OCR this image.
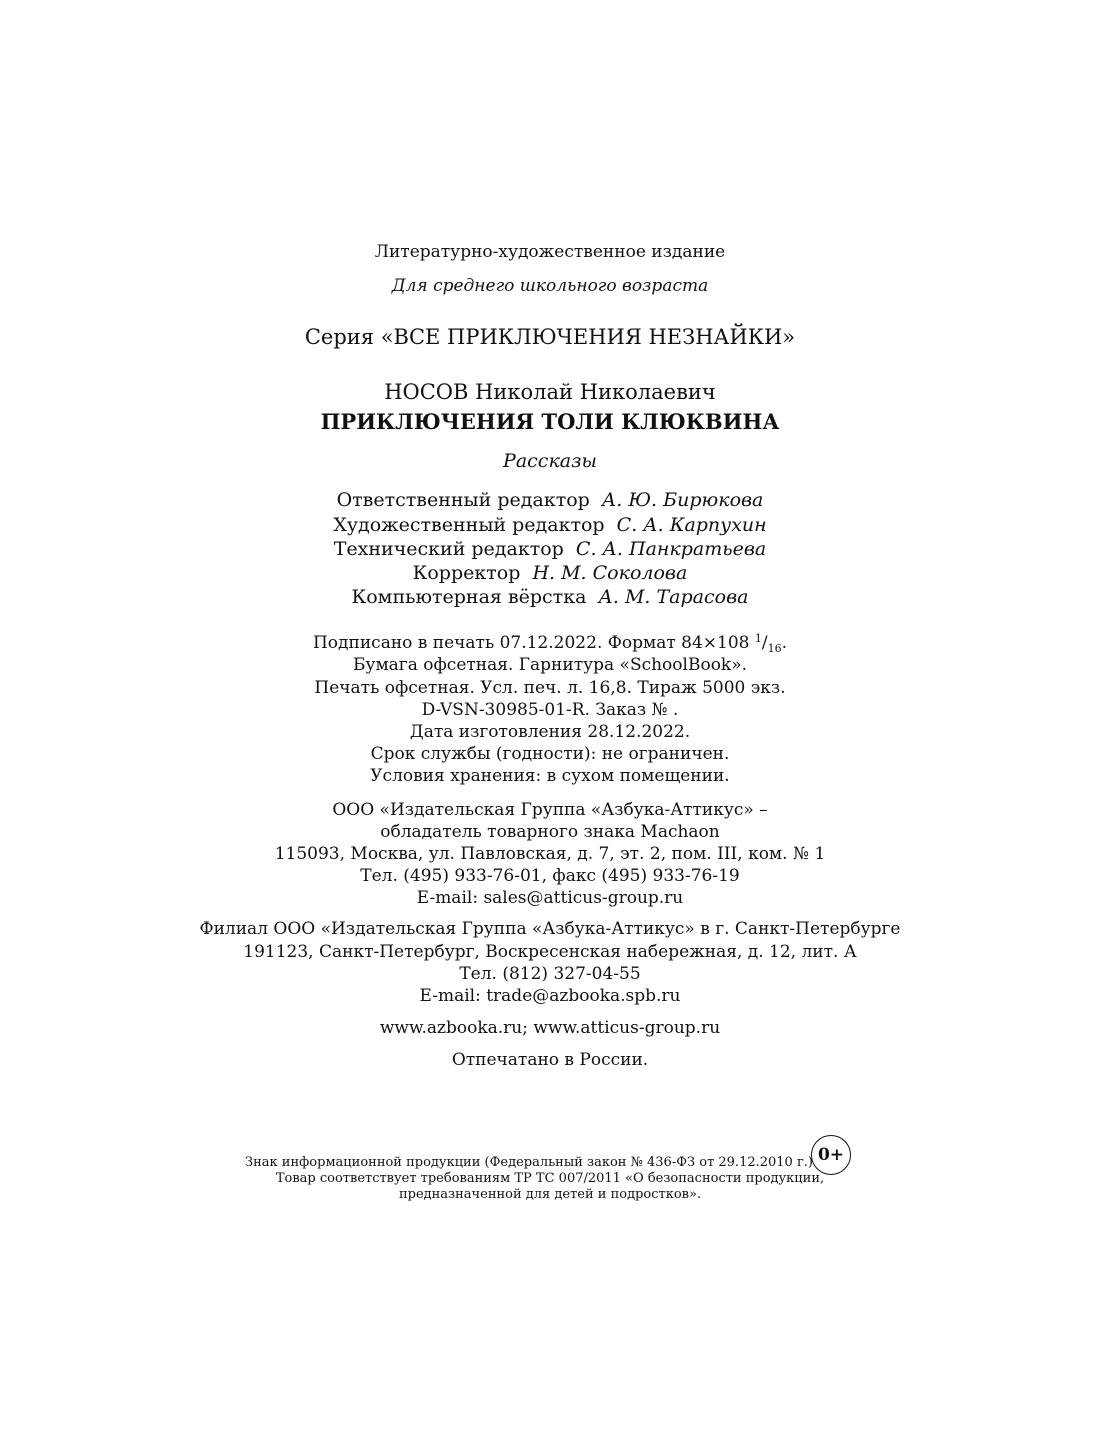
Литературно-художественное издание
Для среднего школьного возраста
Серия «ВСЕ ПРИКЛЮЧЕНИЯ НЕЗНАЙКИ»
НОСОВ Николай Николаевич
ПРИКЛЮЧЕНИЯ ТОЛИ КЛЮКВИНА
Рассказы
Ответственный редактор А. Ю. Бирюкова
Художественный редактор С. А. Карпухин
Технический редактор С. А. Панкратьева
Корректор Н. М. Соколова
Компьютерная вёрстка А. М. Тарасова
Подписано в печать 07.12.2022. Формат 84×108 $^1/_{16}$.
Бумага офсетная. Гарнитура «SchoolBook».
Печать офсетная. Усл. печ. л. 16,8. Тираж 5000 экз.
D-VSN-30985-01-R. Заказ № .
Дата изготовления 28.12.2022.
Срок службы (годности): не ограничен.
Условия хранения: в сухом помещении.
ООО «Издательская Группа «Азбука-Аттикус» –
обладатель товарного знака Machaon
115093, Москва, ул. Павловская, д. 7, эт. 2, пом. III, ком. № 1
Тел. (495) 933-76-01, факс (495) 933-76-19
E-mail: sales@atticus-group.ru
Филиал ООО «Издательская Группа «Азбука-Аттикус» в г. Санкт-Петербурге
191123, Санкт-Петербург, Воскресенская набережная, д. 12, лит. А
Тел. (812) 327-04-55
E-mail: trade@azbooka.spb.ru
www.azbooka.ru; www.atticus-group.ru
Отпечатано в России.
Знак информационной продукции (Федеральный закон № 436-ФЗ от 29.12.2010 г.)
Товар соответствует требованиям ТР ТС 007/2011 «О безопасности продукции,
предназначенной для детей и подростков».
0+
